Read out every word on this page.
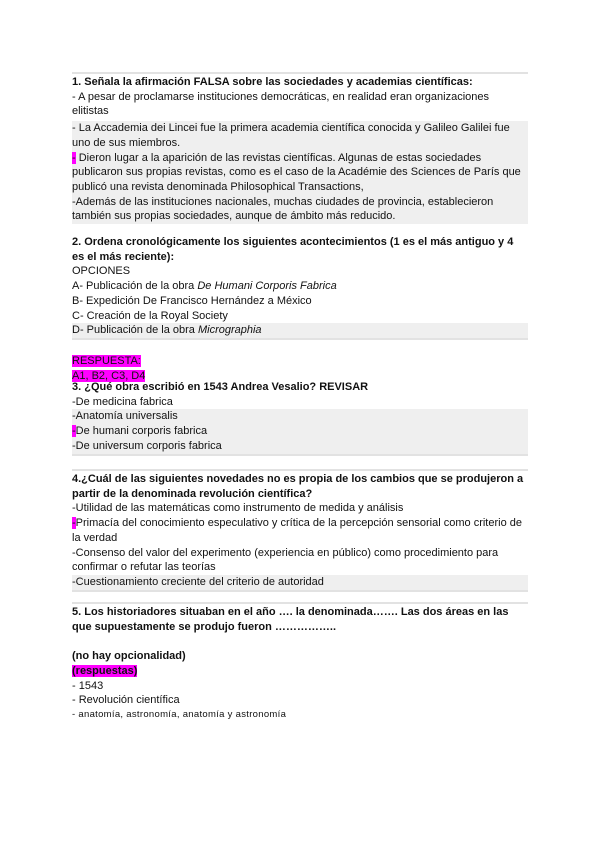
1. Señala la afirmación FALSA sobre las sociedades y academias científicas:
- A pesar de proclamarse instituciones democráticas, en realidad eran organizaciones elitistas
- La Accademia dei Lincei fue la primera academia científica conocida y Galileo Galilei fue uno de sus miembros.
- Dieron lugar a la aparición de las revistas científicas. Algunas de estas sociedades publicaron sus propias revistas, como es el caso de la Académie des Sciences de París que publicó una revista denominada Philosophical Transactions,
-Además de las instituciones nacionales, muchas ciudades de provincia, establecieron también sus propias sociedades, aunque de ámbito más reducido.
2. Ordena cronológicamente los siguientes acontecimientos (1 es el más antiguo y 4 es el más reciente):
OPCIONES
A- Publicación de la obra De Humani Corporis Fabrica
B- Expedición De Francisco Hernández a México
C- Creación de la Royal Society
D- Publicación de la obra Micrographia
RESPUESTA:
A1, B2, C3, D4
3. ¿Qué obra escribió en 1543 Andrea Vesalio? REVISAR
-De medicina fabrica
-Anatomía universalis
-De humani corporis fabrica
-De universum corporis fabrica
4.¿Cuál de las siguientes novedades no es propia de los cambios que se produjeron a partir de la denominada revolución científica?
-Utilidad de las matemáticas como instrumento de medida y análisis
-Primacía del conocimiento especulativo y crítica de la percepción sensorial como criterio de la verdad
-Consenso del valor del experimento (experiencia en público) como procedimiento para confirmar o refutar las teorías
-Cuestionamiento creciente del criterio de autoridad
5. Los historiadores situaban en el año …. la denominada……. Las dos áreas en las que supuestamente se produjo fueron ……………..
(no hay opcionalidad)
(respuestas)
- 1543
- Revolución científica
- anatomía, astronomía, anatomía y astronomía
